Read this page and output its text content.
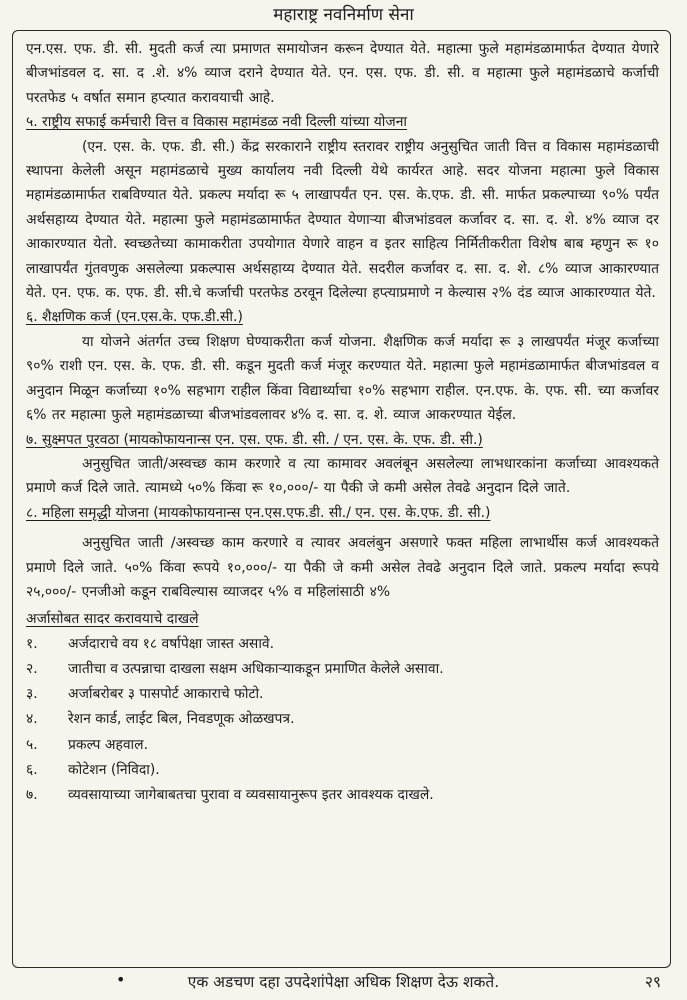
महाराष्ट्र नवनिर्माण सेना

एन.एस. एफ. डी. सी. मुदती कर्ज त्या प्रमाणत समायोजन करून देण्यात येते. महात्मा फुले महामंडळामार्फत देण्यात येणारे बीजभांडवल द. सा. द .शे. ४% व्याज दराने देण्यात येते. एन. एस. एफ. डी. सी. व महात्मा फुले महामंडळाचे कर्जाची परतफेड ५ वर्षात समान हप्त्यात करावयाची आहे.

५. राष्ट्रीय सफाई कर्मचारी वित्त व विकास महामंडळ नवी दिल्ली यांच्या योजना

(एन. एस. के. एफ. डी. सी.) केंद्र सरकाराने राष्ट्रीय स्तरावर राष्ट्रीय अनुसुचित जाती वित्त व विकास महामंडळाची स्थापना केलेली असून महामंडळाचे मुख्य कार्यालय नवी दिल्ली येथे कार्यरत आहे. सदर योजना महात्मा फुले विकास महामंडळामार्फत राबविण्यात येते. प्रकल्प मर्यादा रू ५ लाखापर्यंत एन. एस. के.एफ. डी. सी. मार्फत प्रकल्पाच्या ९०% पर्यंत अर्थसहाय्य देण्यात येते. महात्मा फुले महामंडळामार्फत देण्यात येणाऱ्या बीजभांडवल कर्जावर द. सा. द. शे. ४% व्याज दर आकारण्यात येतो. स्वच्छतेच्या कामाकरीता उपयोगात येणारे वाहन व इतर साहित्य निर्मितीकरीता विशेष बाब म्हणुन रू १० लाखापर्यंत गुंतवणुक असलेल्या प्रकल्पास अर्थसहाय्य देण्यात येते. सदरील कर्जावर द. सा. द. शे. ८% व्याज आकारण्यात येते. एन. एफ. क. एफ. डी. सी.चे कर्जाची परतफेड ठरवून दिलेल्या हप्त्याप्रमाणे न केल्यास २% दंड व्याज आकारण्यात येते.

६. शैक्षणिक कर्ज (एन.एस.के. एफ.डी.सी.)

या योजने अंतर्गत उच्च शिक्षण घेण्याकरीता कर्ज योजना. शैक्षणिक कर्ज मर्यादा रू ३ लाखपर्यंत मंजूर कर्जाच्या ९०% राशी एन. एस. के. एफ. डी. सी. कडून मुदती कर्ज मंजूर करण्यात येते. महात्मा फुले महामंडळामार्फत बीजभांडवल व अनुदान मिळून कर्जाच्या १०% सहभाग राहील किंवा विद्यार्थ्याचा १०% सहभाग राहील. एन.एफ. के. एफ. सी. च्या कर्जावर ६% तर महात्मा फुले महामंडळाच्या बीजभांडवलावर ४% द. सा. द. शे. व्याज आकरण्यात येईल.

७. सुक्ष्मपत पुरवठा (मायकोफायनान्स एन. एस. एफ. डी. सी. / एन. एस. के. एफ. डी. सी.)

अनुसुचित जाती/अस्वच्छ काम करणारे व त्या कामावर अवलंबून असलेल्या लाभधारकांना कर्जाच्या आवश्यकते प्रमाणे कर्ज दिले जाते. त्यामध्ये ५०% किंवा रू १०,०००/- या पैकी जे कमी असेल तेवढे अनुदान दिले जाते.

८. महिला समृद्धी योजना (मायकोफायनान्स एन.एस.एफ.डी. सी./ एन. एस. के.एफ. डी. सी.)

अनुसुचित जाती /अस्वच्छ काम करणारे व त्यावर अवलंबुन असणारे फक्त महिला लाभार्थीस कर्ज आवश्यकते प्रमाणे दिले जाते. ५०% किंवा रूपये १०,०००/- या पैकी जे कमी असेल तेवढे अनुदान दिले जाते. प्रकल्प मर्यादा रूपये २५,०००/- एनजीओ कडून राबविल्यास व्याजदर ५% व महिलांसाठी ४%

अर्जासोबत सादर करावयाचे दाखले

१.	अर्जदाराचे वय १८ वर्षापेक्षा जास्त असावे.
२.	जातीचा व उत्पन्नाचा दाखला सक्षम अधिकाऱ्याकडून प्रमाणित केलेले असावा.
३.	अर्जाबरोबर ३ पासपोर्ट आकाराचे फोटो.
४.	रेशन कार्ड, लाईट बिल, निवडणूक ओळखपत्र.
५.	प्रकल्प अहवाल.
६.	कोटेशन (निविदा).
७.	व्यवसायाच्या जागेबाबतचा पुरावा व व्यवसायानुरूप इतर आवश्यक दाखले.
•	एक अडचण दहा उपदेशांपेक्षा अधिक शिक्षण देऊ शकते.	२९
